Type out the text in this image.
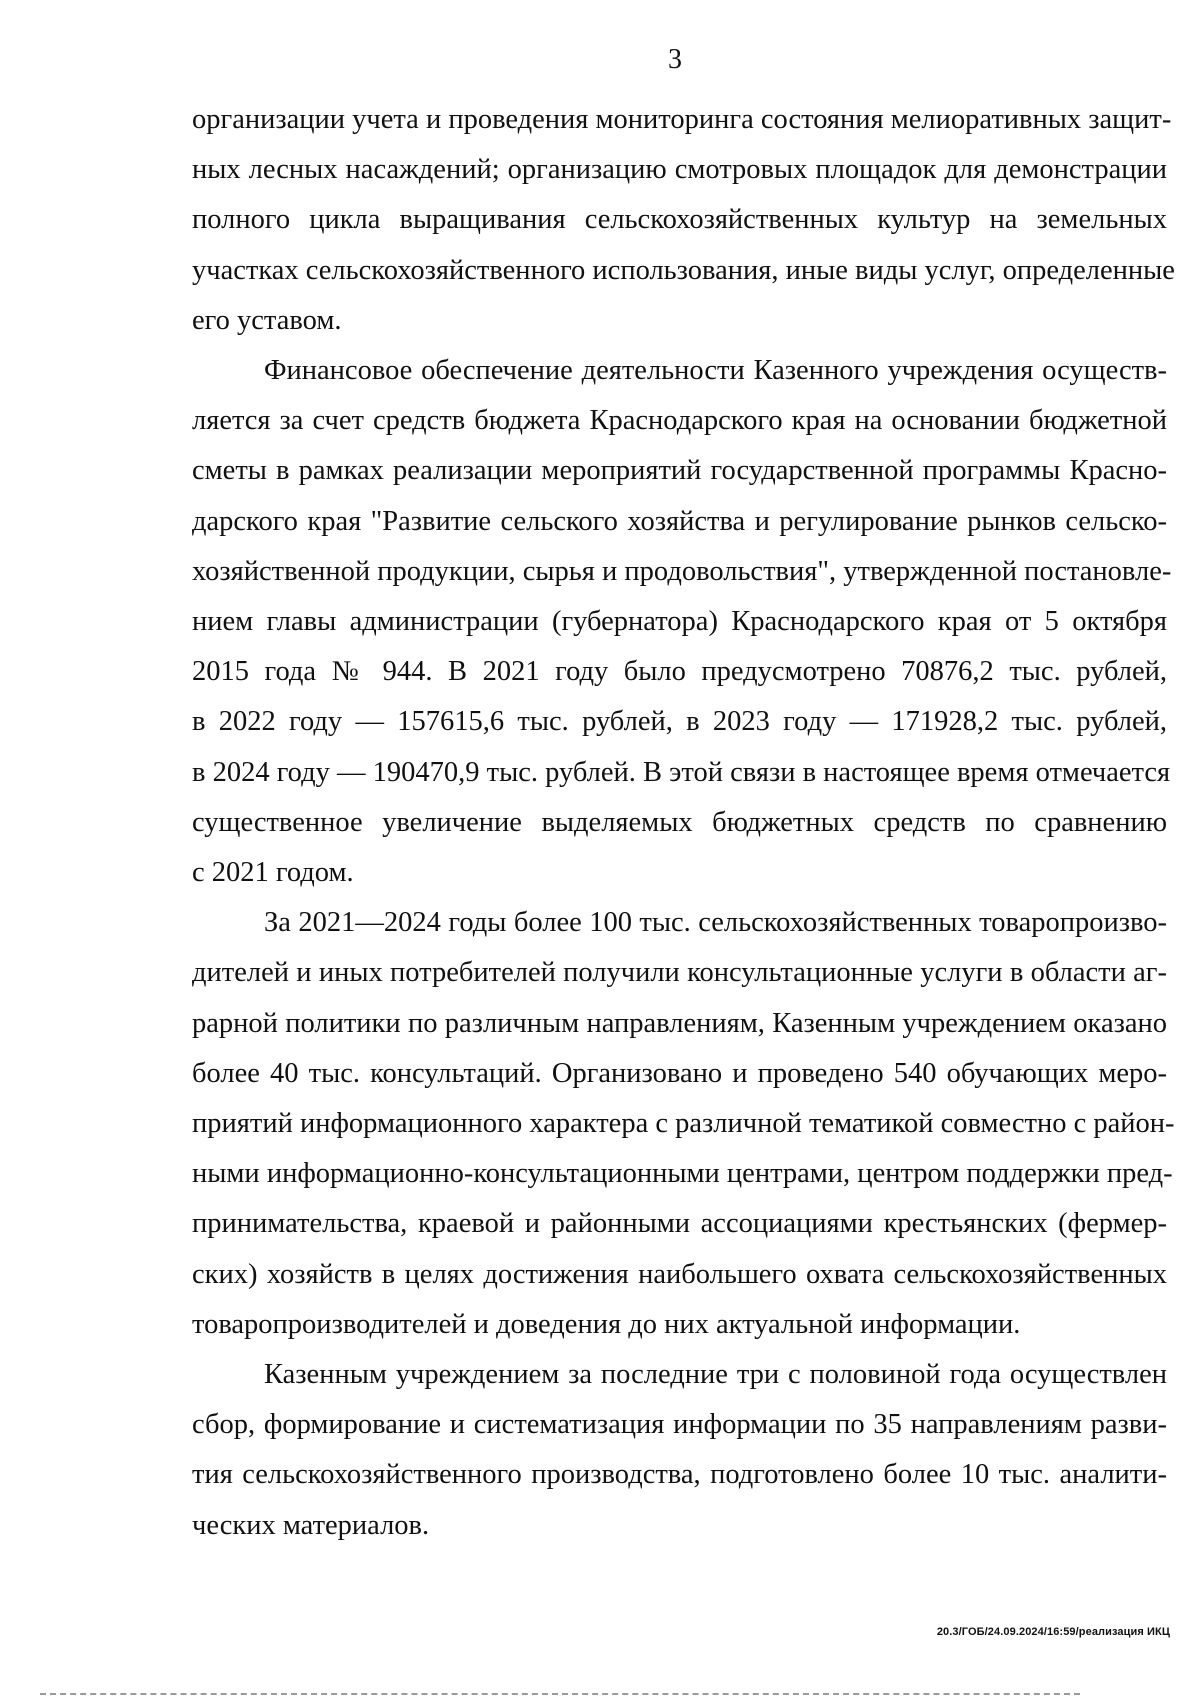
3

организации учета и проведения мониторинга состояния мелиоративных защит-
ных лесных насаждений; организацию смотровых площадок для демонстрации
полного цикла выращивания сельскохозяйственных культур на земельных
участках сельскохозяйственного использования, иные виды услуг, определенные
его уставом.

Финансовое обеспечение деятельности Казенного учреждения осуществ-
ляется за счет средств бюджета Краснодарского края на основании бюджетной
сметы в рамках реализации мероприятий государственной программы Красно-
дарского края "Развитие сельского хозяйства и регулирование рынков сельско-
хозяйственной продукции, сырья и продовольствия", утвержденной постановле-
нием главы администрации (губернатора) Краснодарского края от 5 октября
2015 года № 944. В 2021 году было предусмотрено 70876,2 тыс. рублей,
в 2022 году — 157615,6 тыс. рублей, в 2023 году — 171928,2 тыс. рублей,
в 2024 году — 190470,9 тыс. рублей. В этой связи в настоящее время отмечается
существенное увеличение выделяемых бюджетных средств по сравнению
с 2021 годом.

За 2021—2024 годы более 100 тыс. сельскохозяйственных товаропроизво-
дителей и иных потребителей получили консультационные услуги в области аг-
рарной политики по различным направлениям, Казенным учреждением оказано
более 40 тыс. консультаций. Организовано и проведено 540 обучающих меро-
приятий информационного характера с различной тематикой совместно с район-
ными информационно-консультационными центрами, центром поддержки пред-
принимательства, краевой и районными ассоциациями крестьянских (фермер-
ских) хозяйств в целях достижения наибольшего охвата сельскохозяйственных
товаропроизводителей и доведения до них актуальной информации.

Казенным учреждением за последние три с половиной года осуществлен
сбор, формирование и систематизация информации по 35 направлениям разви-
тия сельскохозяйственного производства, подготовлено более 10 тыс. аналити-
ческих материалов.

20.3/ГОБ/24.09.2024/16:59/реализация ИКЦ
